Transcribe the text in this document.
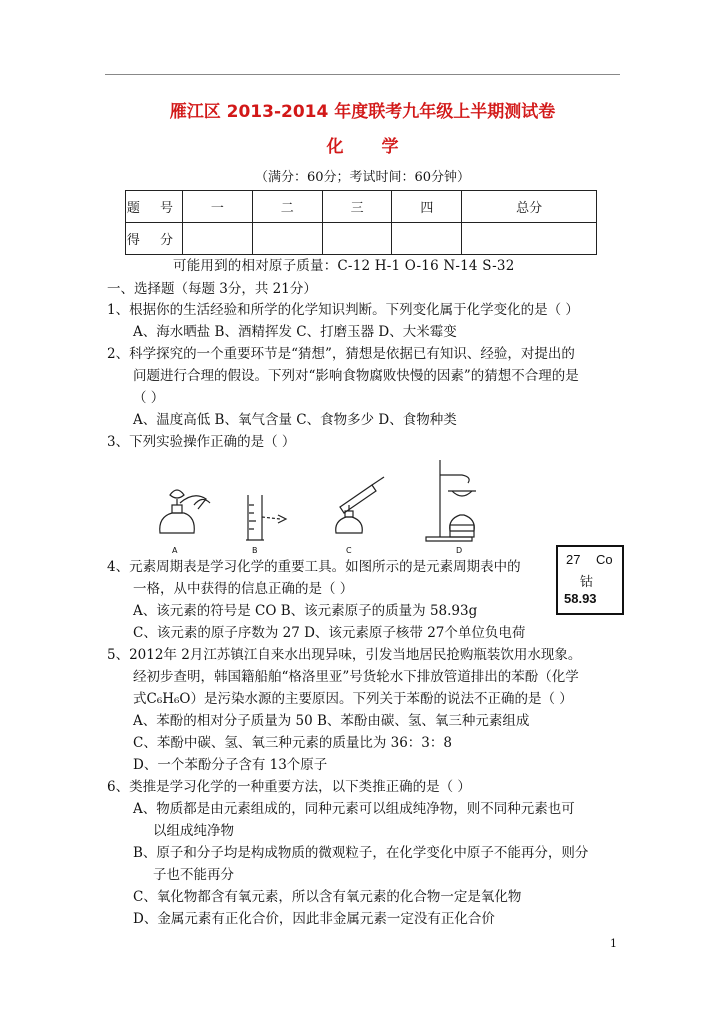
雁江区 2013-2014 年度联考九年级上半期测试卷
化学
（满分：60分；考试时间：60分钟）
题 号	一	二	三	四	总分
得 分					
可能用到的相对原子质量：C-12 H-1 O-16 N-14 S-32
一、选择题（每题 3分，共 21分）
1、根据你的生活经验和所学的化学知识判断。下列变化属于化学变化的是（ ）
A、海水晒盐 B、酒精挥发 C、打磨玉器 D、大米霉变
2、科学探究的一个重要环节是“猜想”，猜想是依据已有知识、经验，对提出的
问题进行合理的假设。下列对“影响食物腐败快慢的因素”的猜想不合理的是
（ ）
A、温度高低 B、氧气含量 C、食物多少 D、食物种类
3、下列实验操作正确的是（ ）
A	B	C	D
4、元素周期表是学习化学的重要工具。如图所示的是元素周期表中的
一格，从中获得的信息正确的是（ ）
A、该元素的符号是 CO B、该元素原子的质量为 58.93g
C、该元素的原子序数为 27 D、该元素原子核带 27个单位负电荷
27 Co
钴
58.93
5、2012年 2月江苏镇江自来水出现异味，引发当地居民抢购瓶装饮用水现象。
经初步查明，韩国籍船舶“格洛里亚”号货轮水下排放管道排出的苯酚（化学
式C₆H₆O）是污染水源的主要原因。下列关于苯酚的说法不正确的是（ ）
A、苯酚的相对分子质量为 50 B、苯酚由碳、氢、氧三种元素组成
C、苯酚中碳、氢、氧三种元素的质量比为 36：3：8
D、一个苯酚分子含有 13个原子
6、类推是学习化学的一种重要方法，以下类推正确的是（ ）
A、物质都是由元素组成的，同种元素可以组成纯净物，则不同种元素也可
以组成纯净物
B、原子和分子均是构成物质的微观粒子，在化学变化中原子不能再分，则分
子也不能再分
C、氧化物都含有氧元素，所以含有氧元素的化合物一定是氧化物
D、金属元素有正化合价，因此非金属元素一定没有正化合价
1
